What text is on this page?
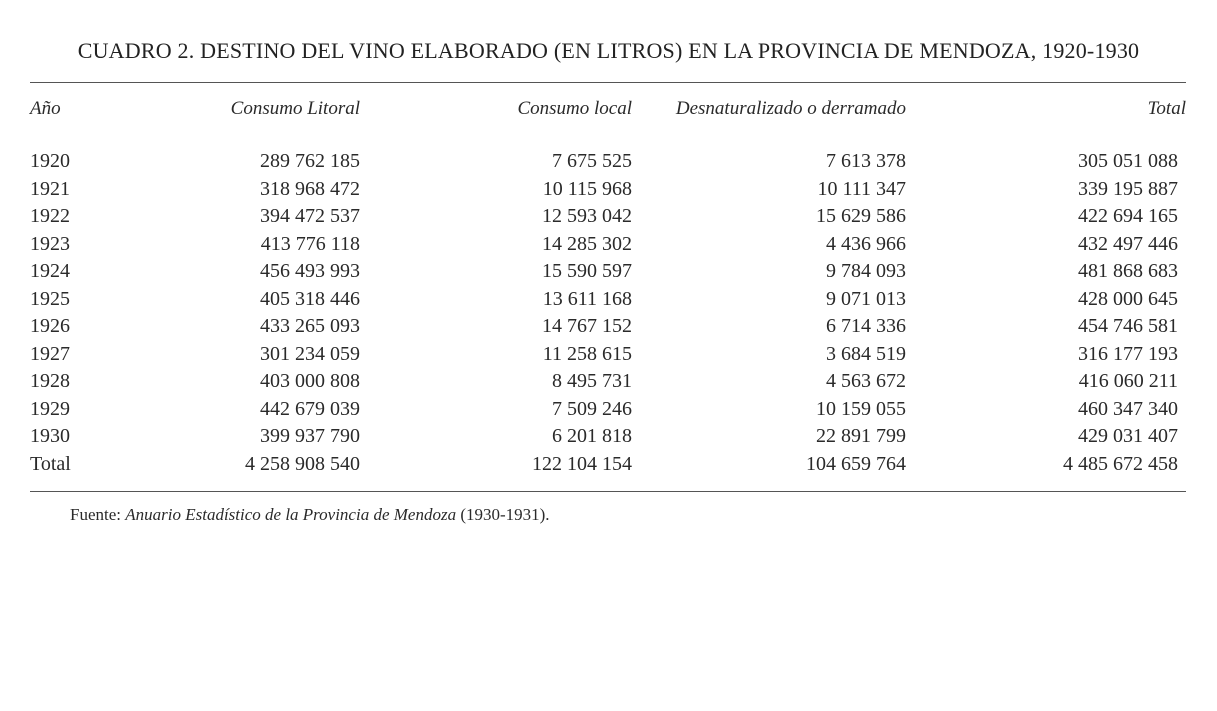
CUADRO 2. DESTINO DEL VINO ELABORADO (EN LITROS) EN LA PROVINCIA DE MENDOZA, 1920-1930
Año	Consumo Litoral	Consumo local	Desnaturalizado o derramado	Total

1920	289 762 185	7 675 525	7 613 378	305 051 088
1921	318 968 472	10 115 968	10 111 347	339 195 887
1922	394 472 537	12 593 042	15 629 586	422 694 165
1923	413 776 118	14 285 302	4 436 966	432 497 446
1924	456 493 993	15 590 597	9 784 093	481 868 683
1925	405 318 446	13 611 168	9 071 013	428 000 645
1926	433 265 093	14 767 152	6 714 336	454 746 581
1927	301 234 059	11 258 615	3 684 519	316 177 193
1928	403 000 808	8 495 731	4 563 672	416 060 211
1929	442 679 039	7 509 246	10 159 055	460 347 340
1930	399 937 790	6 201 818	22 891 799	429 031 407
Total	4 258 908 540	122 104 154	104 659 764	4 485 672 458
Fuente: Anuario Estadístico de la Provincia de Mendoza (1930-1931).
